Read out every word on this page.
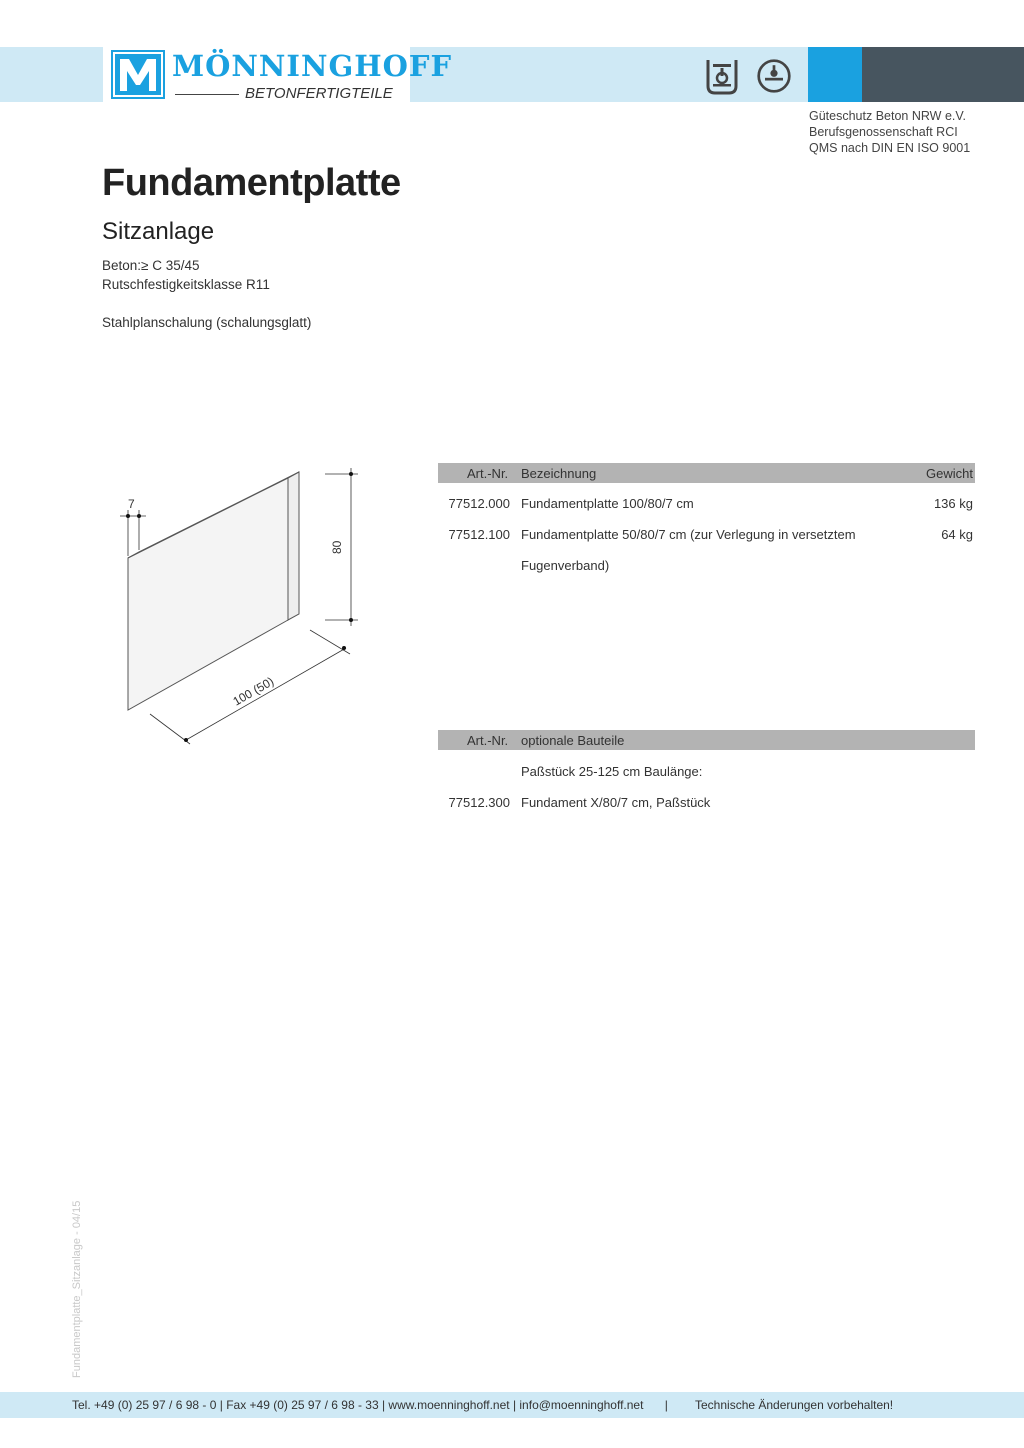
MÖNNINGHOFF
BETONFERTIGTEILE
Güteschutz Beton NRW e.V.
Berufsgenossenschaft RCI
QMS nach DIN EN ISO 9001
Fundamentplatte
Sitzanlage
Beton:≥ C 35/45
Rutschfestigkeitsklasse R11
Stahlplanschalung (schalungsglatt)
7
80
100 (50)
Art.-Nr. Bezeichnung	Gewicht
77512.000 Fundamentplatte 100/80/7 cm	136 kg
77512.100 Fundamentplatte 50/80/7 cm (zur Verlegung in versetztem Fugenverband)
64 kg
Art.-Nr. optionale Bauteile
Paßstück 25-125 cm Baulänge:
77512.300 Fundament X/80/7 cm, Paßstück
Fundamentplatte_Sitzanlage - 04/15
Tel. +49 (0) 25 97 / 6 98 - 0 | Fax +49 (0) 25 97 / 6 98 - 33 | www.moenninghoff.net | info@moenninghoff.net | Technische Änderungen vorbehalten!
